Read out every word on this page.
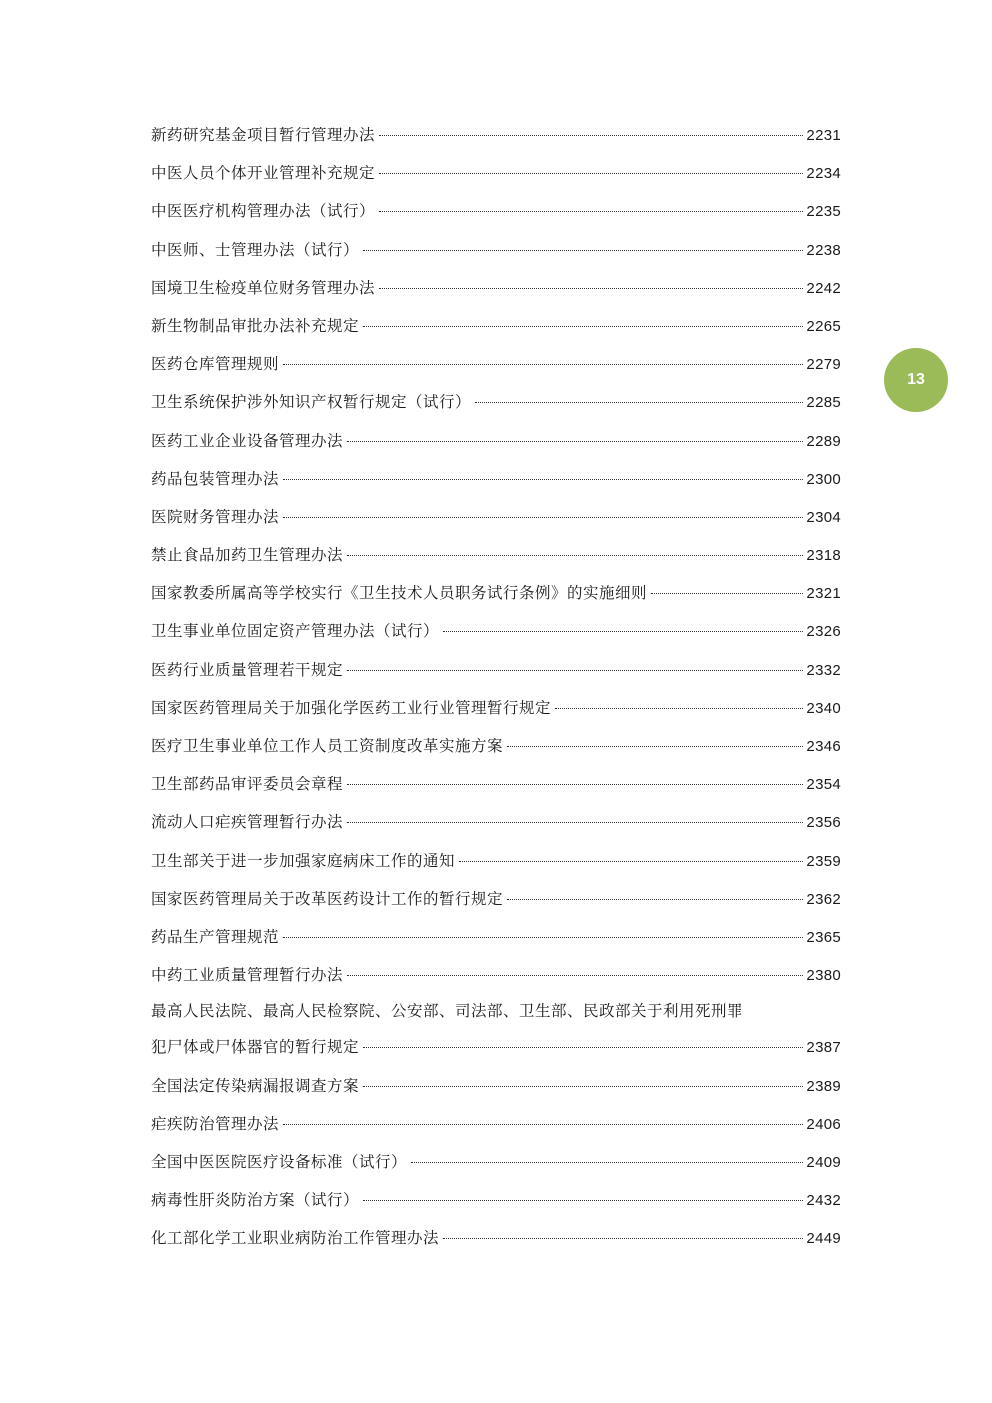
新药研究基金项目暂行管理办法	2231
中医人员个体开业管理补充规定	2234
中医医疗机构管理办法（试行）	2235
中医师、士管理办法（试行）	2238
国境卫生检疫单位财务管理办法	2242
新生物制品审批办法补充规定	2265
医药仓库管理规则	2279
卫生系统保护涉外知识产权暂行规定（试行）	2285
医药工业企业设备管理办法	2289
药品包装管理办法	2300
医院财务管理办法	2304
禁止食品加药卫生管理办法	2318
国家教委所属高等学校实行《卫生技术人员职务试行条例》的实施细则	2321
卫生事业单位固定资产管理办法（试行）	2326
医药行业质量管理若干规定	2332
国家医药管理局关于加强化学医药工业行业管理暂行规定	2340
医疗卫生事业单位工作人员工资制度改革实施方案	2346
卫生部药品审评委员会章程	2354
流动人口疟疾管理暂行办法	2356
卫生部关于进一步加强家庭病床工作的通知	2359
国家医药管理局关于改革医药设计工作的暂行规定	2362
药品生产管理规范	2365
中药工业质量管理暂行办法	2380
最高人民法院、最高人民检察院、公安部、司法部、卫生部、民政部关于利用死刑罪
犯尸体或尸体器官的暂行规定	2387
全国法定传染病漏报调查方案	2389
疟疾防治管理办法	2406
全国中医医院医疗设备标准（试行）	2409
病毒性肝炎防治方案（试行）	2432
化工部化学工业职业病防治工作管理办法	2449
13
